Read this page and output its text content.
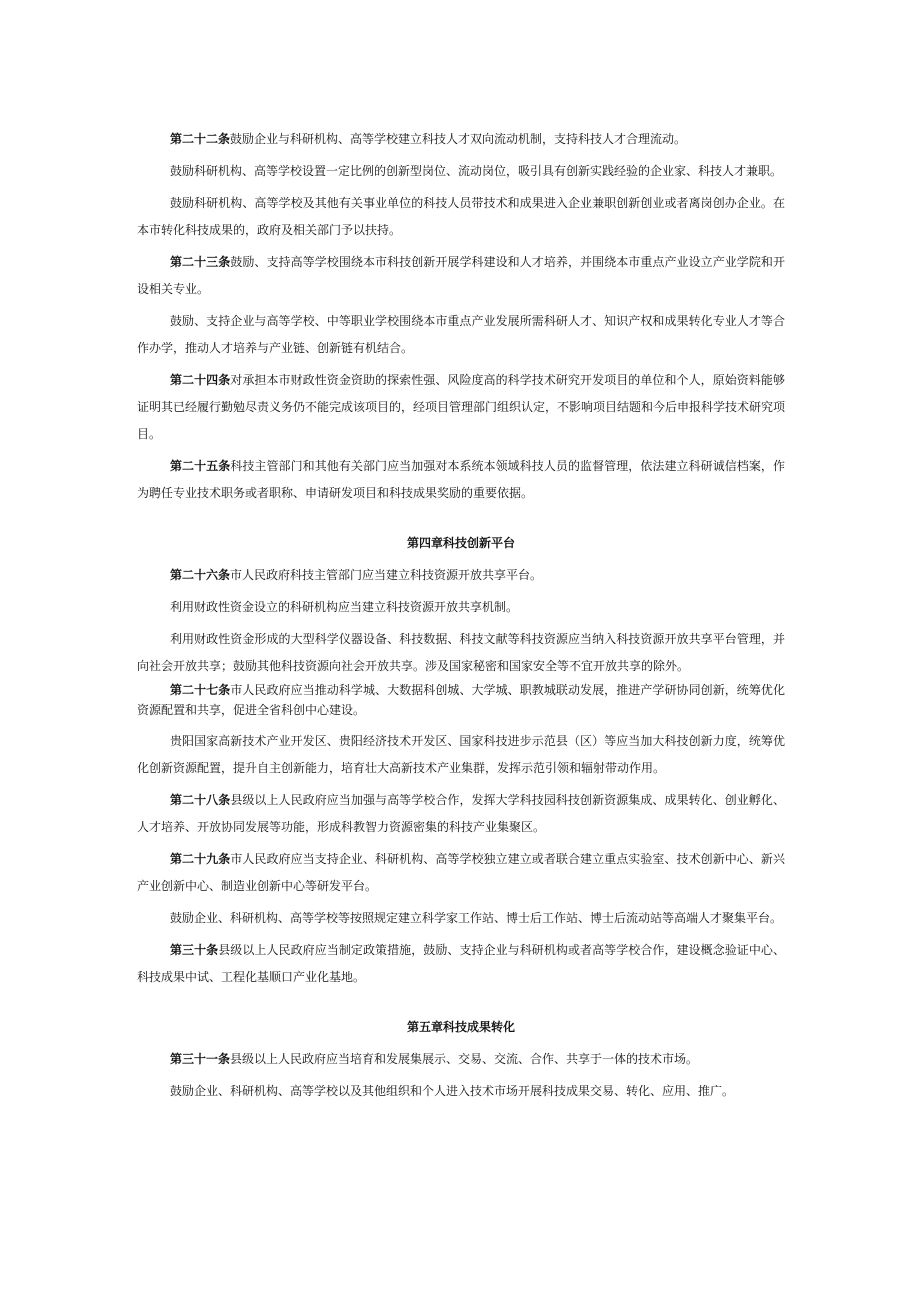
第二十二条鼓励企业与科研机构、高等学校建立科技人才双向流动机制，支持科技人才合理流动。

鼓励科研机构、高等学校设置一定比例的创新型岗位、流动岗位，吸引具有创新实践经验的企业家、科技人才兼职。

鼓励科研机构、高等学校及其他有关事业单位的科技人员带技术和成果进入企业兼职创新创业或者离岗创办企业。在本市转化科技成果的，政府及相关部门予以扶持。

第二十三条鼓励、支持高等学校围绕本市科技创新开展学科建设和人才培养，并围绕本市重点产业设立产业学院和开设相关专业。

鼓励、支持企业与高等学校、中等职业学校围绕本市重点产业发展所需科研人才、知识产权和成果转化专业人才等合作办学，推动人才培养与产业链、创新链有机结合。

第二十四条对承担本市财政性资金资助的探索性强、风险度高的科学技术研究开发项目的单位和个人，原始资料能够证明其已经履行勤勉尽责义务仍不能完成该项目的，经项目管理部门组织认定，不影响项目结题和今后申报科学技术研究项目。

第二十五条科技主管部门和其他有关部门应当加强对本系统本领域科技人员的监督管理，依法建立科研诚信档案，作为聘任专业技术职务或者职称、申请研发项目和科技成果奖励的重要依据。

第四章科技创新平台

第二十六条市人民政府科技主管部门应当建立科技资源开放共享平台。

利用财政性资金设立的科研机构应当建立科技资源开放共享机制。

利用财政性资金形成的大型科学仪器设备、科技数据、科技文献等科技资源应当纳入科技资源开放共享平台管理，并向社会开放共享；鼓励其他科技资源向社会开放共享。涉及国家秘密和国家安全等不宜开放共享的除外。

第二十七条市人民政府应当推动科学城、大数据科创城、大学城、职教城联动发展，推进产学研协同创新，统筹优化资源配置和共享，促进全省科创中心建设。

贵阳国家高新技术产业开发区、贵阳经济技术开发区、国家科技进步示范县（区）等应当加大科技创新力度，统筹优化创新资源配置，提升自主创新能力，培育壮大高新技术产业集群，发挥示范引领和辐射带动作用。

第二十八条县级以上人民政府应当加强与高等学校合作，发挥大学科技园科技创新资源集成、成果转化、创业孵化、人才培养、开放协同发展等功能，形成科教智力资源密集的科技产业集聚区。

第二十九条市人民政府应当支持企业、科研机构、高等学校独立建立或者联合建立重点实验室、技术创新中心、新兴产业创新中心、制造业创新中心等研发平台。

鼓励企业、科研机构、高等学校等按照规定建立科学家工作站、博士后工作站、博士后流动站等高端人才聚集平台。

第三十条县级以上人民政府应当制定政策措施，鼓励、支持企业与科研机构或者高等学校合作，建设概念验证中心、科技成果中试、工程化基顺口产业化基地。

第五章科技成果转化

第三十一条县级以上人民政府应当培育和发展集展示、交易、交流、合作、共享于一体的技术市场。

鼓励企业、科研机构、高等学校以及其他组织和个人进入技术市场开展科技成果交易、转化、应用、推广。
